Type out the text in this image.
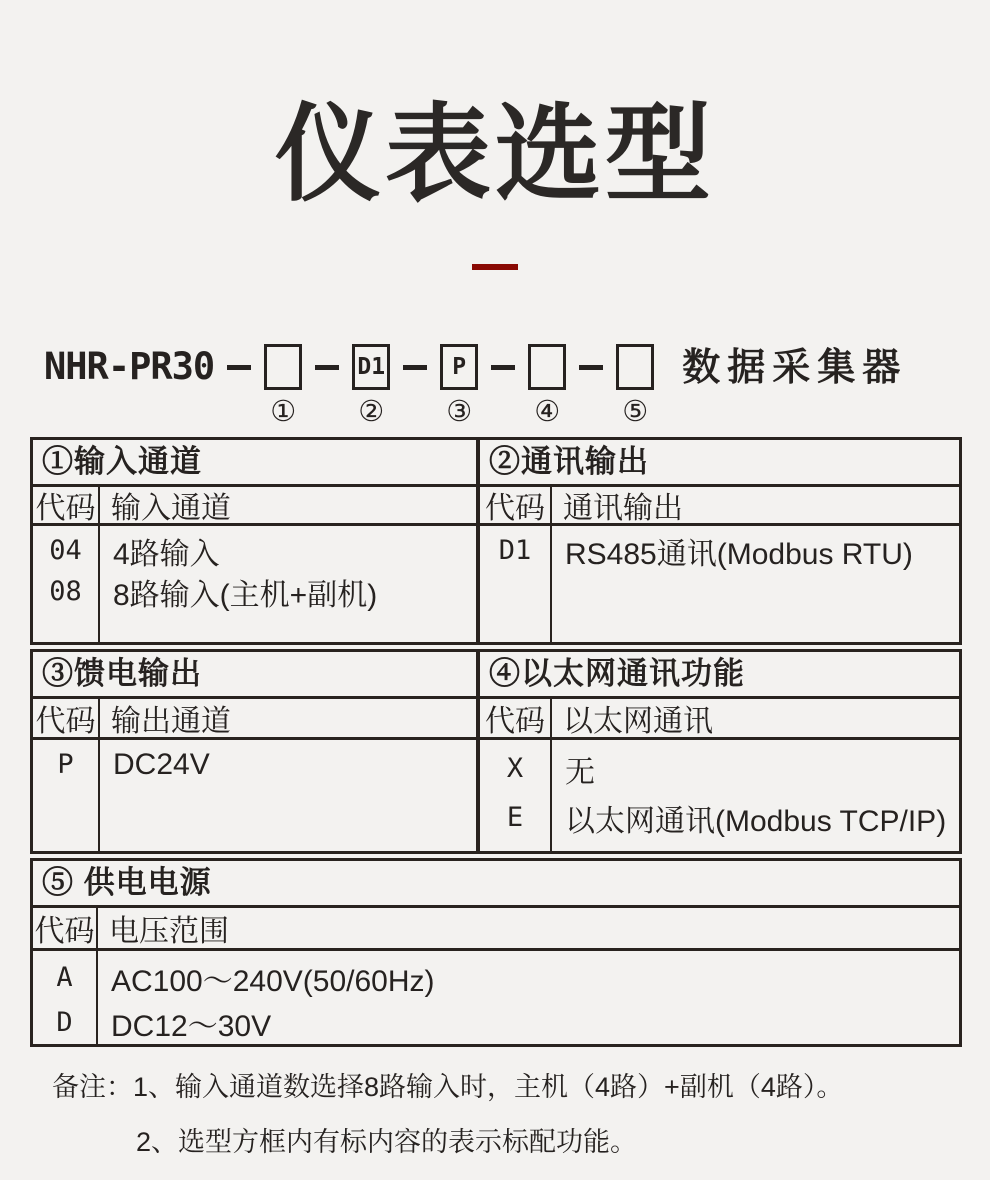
仪表选型
NHR-PR30
①
D1
②
P
③ ④ ⑤
数据采集器
①输入通道
代码 输入通道
04
08
4路输入
8路输入(主机+副机)
②通讯输出
代码 通讯输出
D1	RS485通讯(Modbus RTU)
③馈电输出
代码 输出通道
P	DC24V
④以太网通讯功能
代码 以太网通讯
X
E
无
以太网通讯(Modbus TCP/IP)
⑤ 供电电源
代码 电压范围
A
D
AC100～240V(50/60Hz)
DC12～30V
备注： 1、输入通道数选择8路输入时，主机（4路）+副机（4路）。
2、选型方框内有标内容的表示标配功能。
